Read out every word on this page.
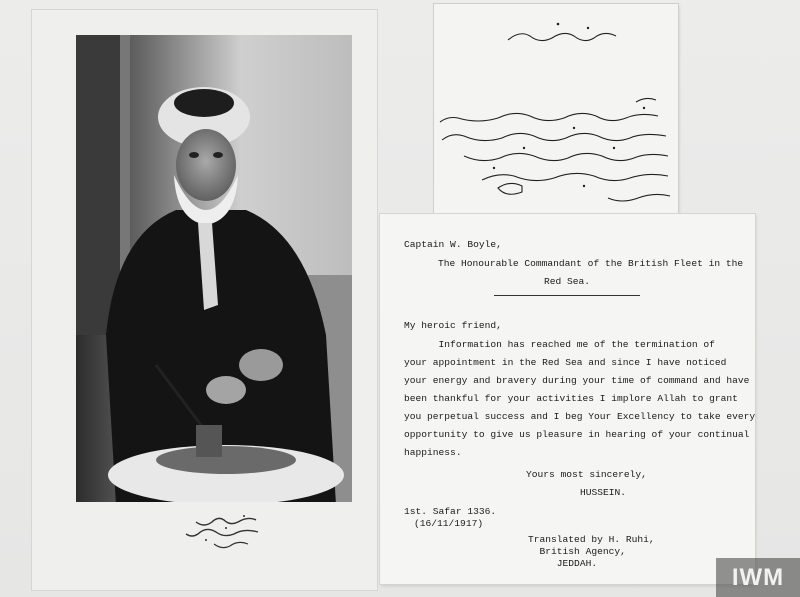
Captain W. Boyle,
The Honourable Commandant of the British Fleet in the
Red Sea.
My heroic friend,
Information has reached me of the termination of
your appointment in the Red Sea and since I have noticed
your energy and bravery during your time of command and have
been thankful for your activities I implore Allah to grant
you perpetual success and I beg Your Excellency to take every
opportunity to give us pleasure in hearing of your continual
happiness.
Yours most sincerely,
HUSSEIN.
1st. Safar 1336.
(16/11/1917)
Translated by H. Ruhi,
British Agency,
JEDDAH.	IWM
